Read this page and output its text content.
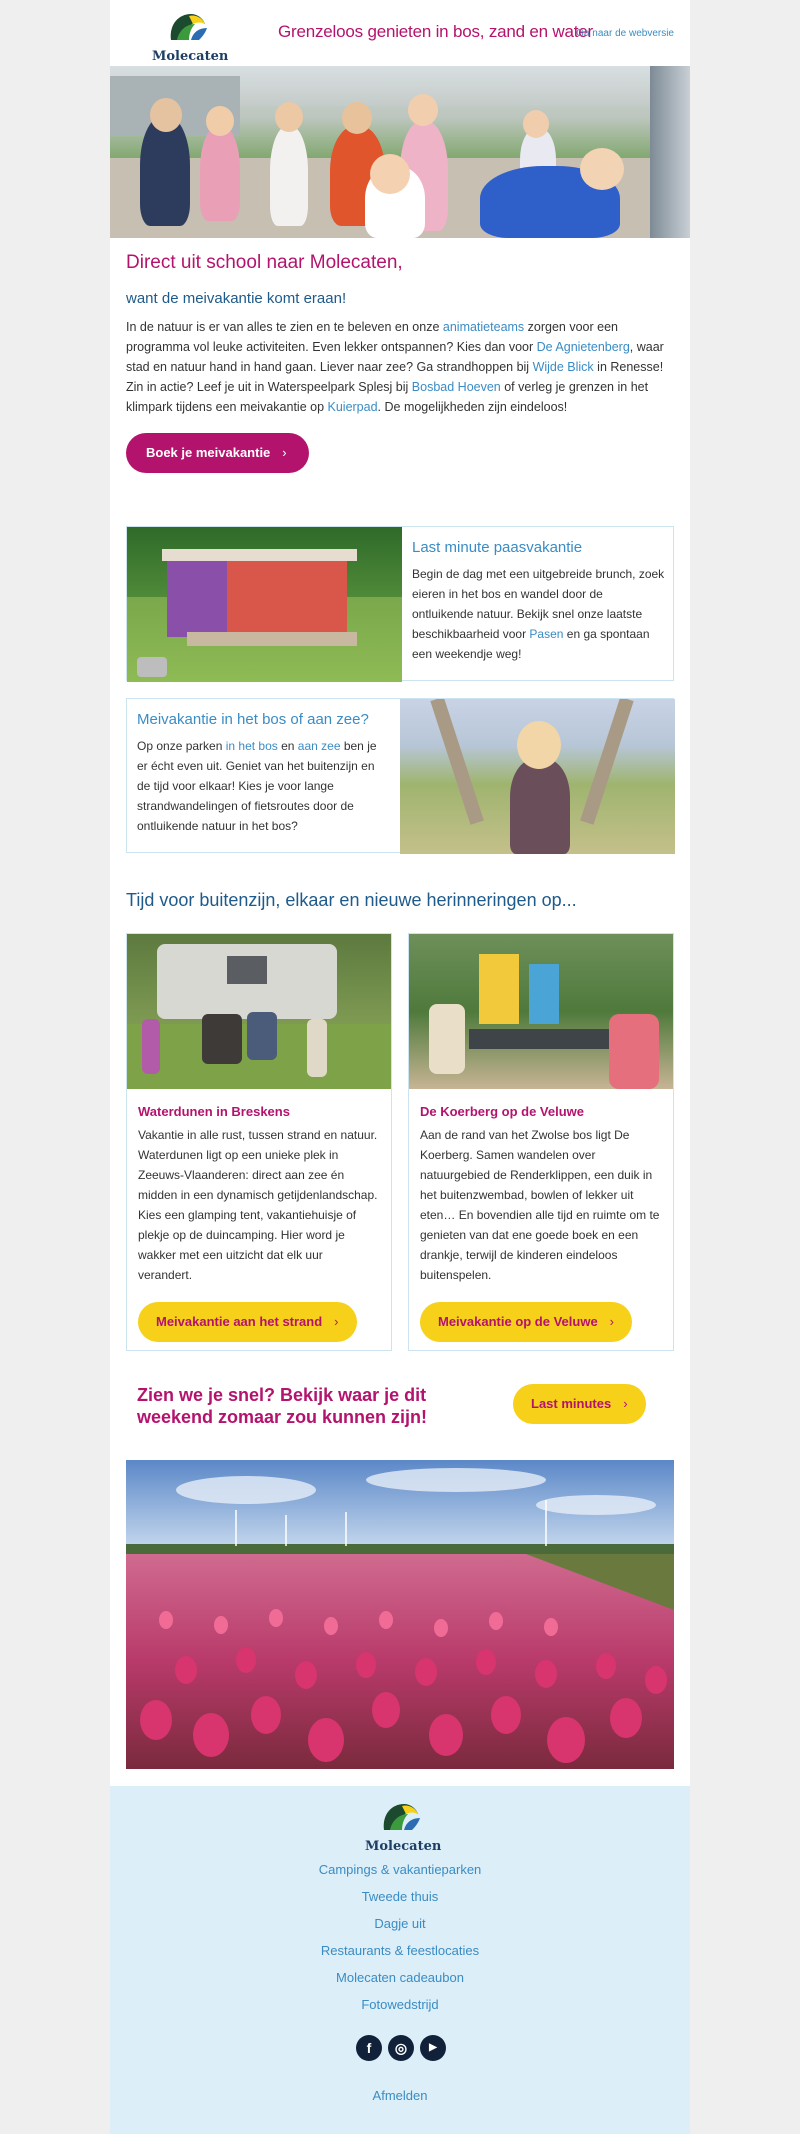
Molecaten
Grenzeloos genieten in bos, zand en water
Ga naar de webversie
Direct uit school naar Molecaten,
want de meivakantie komt eraan!
In de natuur is er van alles te zien en te beleven en onze animatieteams zorgen voor een programma vol leuke activiteiten. Even lekker ontspannen? Kies dan voor De Agnietenberg, waar stad en natuur hand in hand gaan. Liever naar zee? Ga strandhoppen bij Wijde Blick in Renesse! Zin in actie? Leef je uit in Waterspeelpark Splesj bij Bosbad Hoeven of verleg je grenzen in het klimpark tijdens een meivakantie op Kuierpad. De mogelijkheden zijn eindeloos!
Boek je meivakantie ›
Last minute paasvakantie
Begin de dag met een uitgebreide brunch, zoek eieren in het bos en wandel door de ontluikende natuur. Bekijk snel onze laatste beschikbaarheid voor Pasen en ga spontaan een weekendje weg!
Meivakantie in het bos of aan zee?
Op onze parken in het bos en aan zee ben je er écht even uit. Geniet van het buitenzijn en de tijd voor elkaar! Kies je voor lange strandwandelingen of fietsroutes door de ontluikende natuur in het bos?
Tijd voor buitenzijn, elkaar en nieuwe herinneringen op...
Waterdunen in Breskens
Vakantie in alle rust, tussen strand en natuur. Waterdunen ligt op een unieke plek in Zeeuws-Vlaanderen: direct aan zee én midden in een dynamisch getijdenlandschap. Kies een glamping tent, vakantiehuisje of plekje op de duincamping. Hier word je wakker met een uitzicht dat elk uur verandert.
Meivakantie aan het strand ›
De Koerberg op de Veluwe
Aan de rand van het Zwolse bos ligt De Koerberg. Samen wandelen over natuurgebied de Renderklippen, een duik in het buitenzwembad, bowlen of lekker uit eten… En bovendien alle tijd en ruimte om te genieten van dat ene goede boek en een drankje, terwijl de kinderen eindeloos buitenspelen.
Meivakantie op de Veluwe ›
Zien we je snel? Bekijk waar je dit weekend zomaar zou kunnen zijn!
Last minutes ›
Molecaten
Campings & vakantieparken
Tweede thuis
Dagje uit
Restaurants & feestlocaties
Molecaten cadeaubon
Fotowedstrijd
f	◎	▶
Afmelden
